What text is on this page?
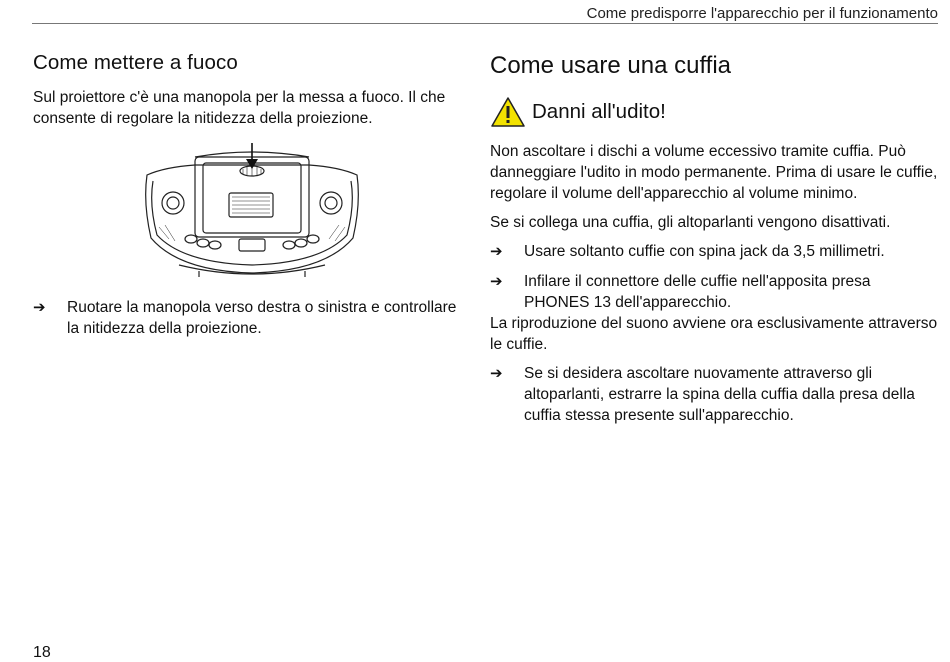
Come predisporre l'apparecchio per il funzionamento
Come mettere a fuoco

Sul proiettore c'è una manopola per la messa a fuoco. Il che consente di regolare la nitidezza della proiezione.

➔ Ruotare la manopola verso destra o sinistra e controllare la nitidezza della proiezione.
Come usare una cuffia
Danni all'udito!

Non ascoltare i dischi a volume eccessivo tramite cuffia. Può danneggiare l'udito in modo permanente. Prima di usare le cuffie, regolare il volume dell'apparecchio al volume minimo.

Se si collega una cuffia, gli altoparlanti vengono disattivati.

➔ Usare soltanto cuffie con spina jack da 3,5 millimetri.
➔ Infilare il connettore delle cuffie nell'apposita presa PHONES 13 dell'apparecchio.

La riproduzione del suono avviene ora esclusivamente attraverso le cuffie.

➔ Se si desidera ascoltare nuovamente attraverso gli altoparlanti, estrarre la spina della cuffia dalla presa della cuffia stessa presente sull'apparecchio.
18
